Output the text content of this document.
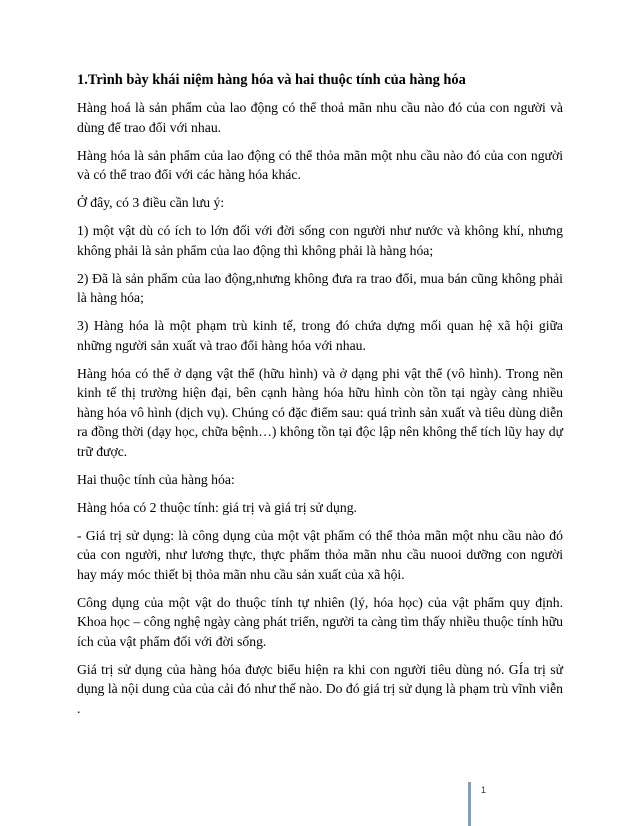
1.Trình bày khái niệm hàng hóa và hai thuộc tính của hàng hóa

Hàng hoá là sản phẩm của lao động có thể thoả mãn nhu cầu nào đó của con người và dùng để trao đổi với nhau.

Hàng hóa là sản phẩm của lao động có thể thỏa mãn một nhu cầu nào đó của con người và có thể trao đổi với các hàng hóa khác.

Ở đây, có 3 điều cần lưu ý:

1) một vật dù có ích to lớn đối với đời sống con người như nước và không khí, nhưng không phải là sản phẩm của lao động thì không phải là hàng hóa;

2) Đã là sản phẩm của lao động,nhưng không đưa ra trao đổi, mua bán cũng không phải là hàng hóa;

3) Hàng hóa là một phạm trù kinh tế, trong đó chứa dựng mối quan hệ xã hội giữa những người sản xuất và trao đổi hàng hóa với nhau.

Hàng hóa có thể ở dạng vật thể (hữu hình) và ở dạng phi vật thể (vô hình). Trong nền kinh tế thị trường hiện đại, bên cạnh hàng hóa hữu hình còn tồn tại ngày càng nhiều hàng hóa vô hình (dịch vụ). Chúng có đặc điểm sau: quá trình sản xuất và tiêu dùng diễn ra đồng thời (dạy học, chữa bệnh…) không tồn tại độc lập nên không thể tích lũy hay dự trữ được.

Hai thuộc tính của hàng hóa:

Hàng hóa có 2 thuộc tính: giá trị và giá trị sử dụng.

- Giá trị sử dụng: là công dụng của một vật phẩm có thể thỏa mãn một nhu cầu nào đó của con người, như lương thực, thực phẩm thỏa mãn nhu cầu nuooi dưỡng con người hay máy móc thiết bị thỏa mãn nhu cầu sản xuất của xã hội.

Công dụng của một vật do thuộc tính tự nhiên (lý, hóa học) của vật phẩm quy định. Khoa học – công nghệ ngày càng phát triển, người ta càng tìm thấy nhiều thuộc tính hữu ích của vật phẩm đối với đời sống.

Giá trị sử dụng của hàng hóa được biểu hiện ra khi con người tiêu dùng nó. GÍa trị sử dụng là nội dung của của cải đó như thế nào. Do đó giá trị sử dụng là phạm trù vĩnh viễn .

1
